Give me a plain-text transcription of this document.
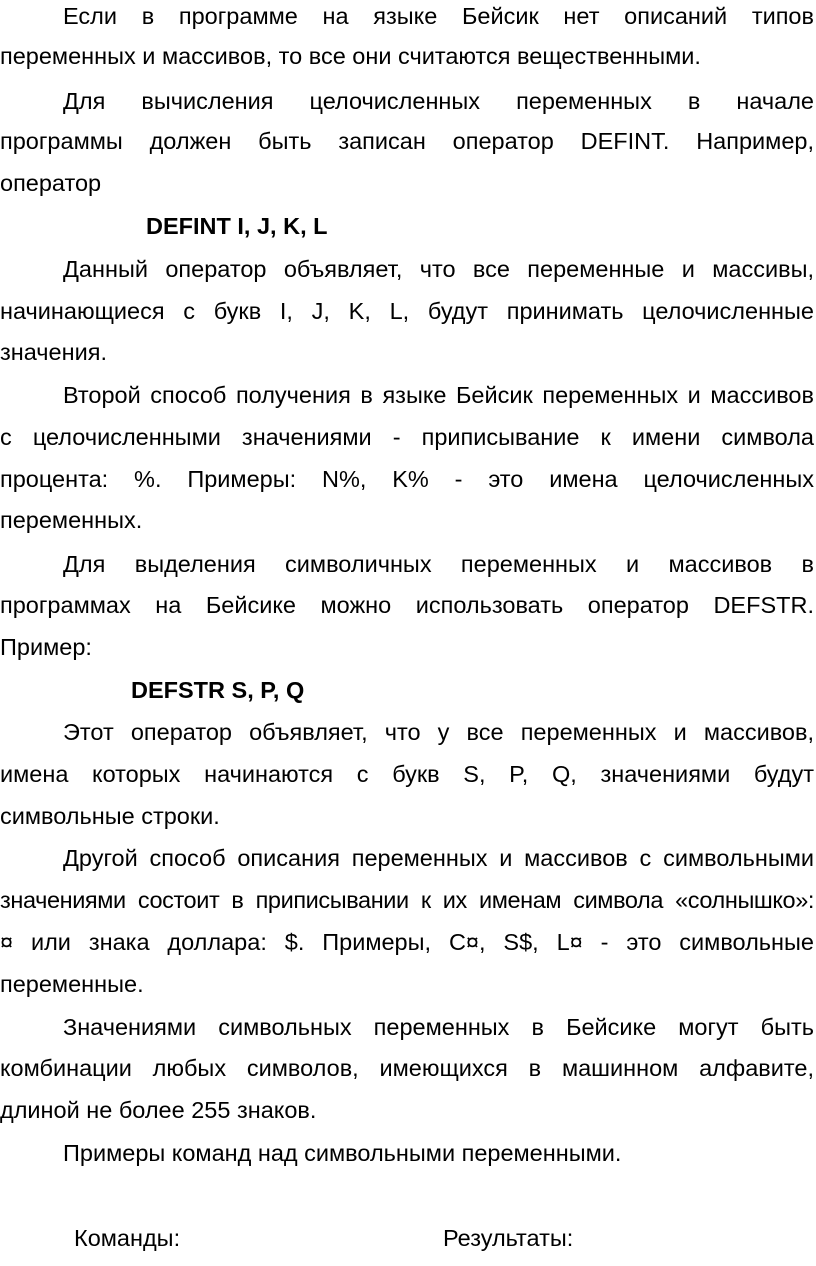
Если в программе на языке Бейсик нет описаний типов
переменных и массивов, то все они считаются вещественными.
Для вычисления целочисленных переменных в начале
программы должен быть записан оператор DEFINT. Например,
оператор
DEFINT I, J, K, L
Данный оператор объявляет, что все переменные и массивы,
начинающиеся с букв I, J, K, L, будут принимать целочисленные
значения.
Второй способ получения в языке Бейсик переменных и массивов
с целочисленными значениями - приписывание к имени символа
процента: %. Примеры: N%, K% - это имена целочисленных
переменных.
Для выделения символичных переменных и массивов в
программах на Бейсике можно использовать оператор DEFSTR.
Пример:
DEFSTR S, P, Q
Этот оператор объявляет, что у все переменных и массивов,
имена которых начинаются с букв S, P, Q, значениями будут
символьные строки.
Другой способ описания переменных и массивов с символьными
значениями состоит в приписывании к их именам символа «солнышко»:
¤ или знака доллара: $. Примеры, C¤, S$, L¤ - это символьные
переменные.
Значениями символьных переменных в Бейсике могут быть
комбинации любых символов, имеющихся в машинном алфавите,
длиной не более 255 знаков.
Примеры команд над символьными переменными.
Команды:	Результаты:
